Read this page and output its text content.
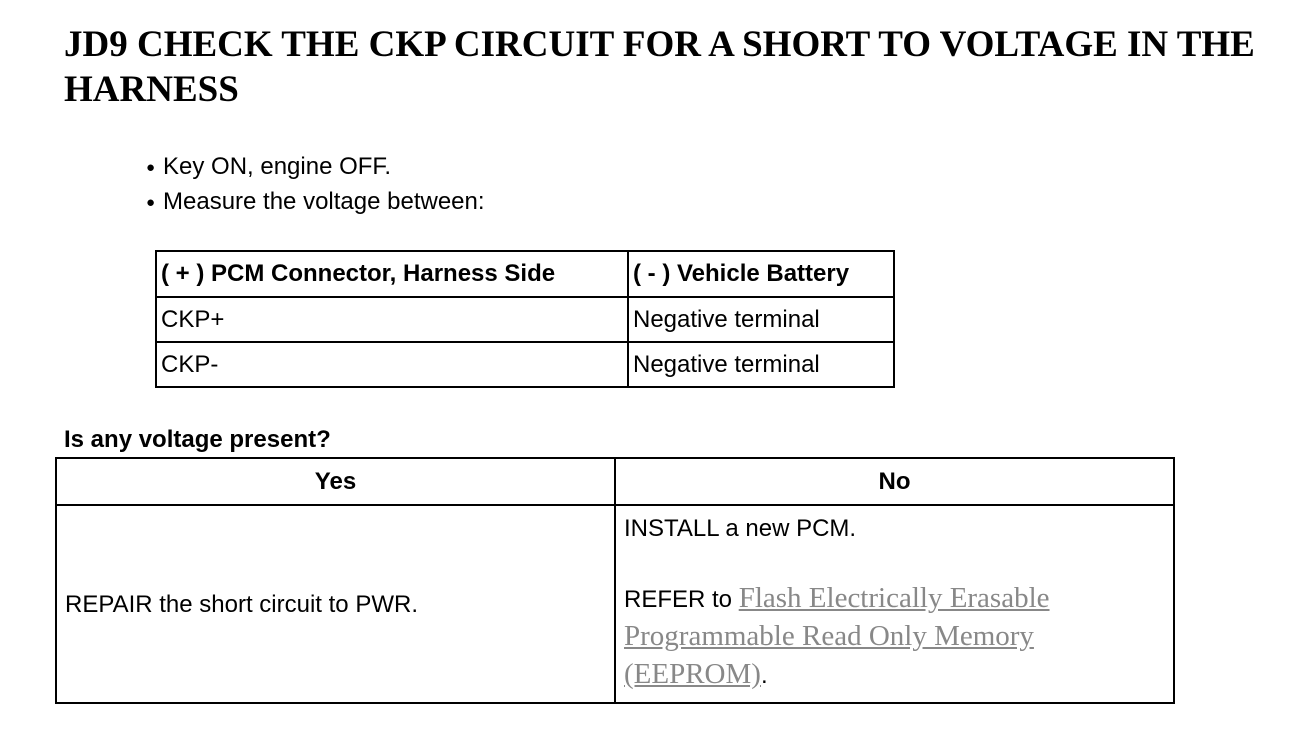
JD9 CHECK THE CKP CIRCUIT FOR A SHORT TO VOLTAGE IN THE HARNESS
● Key ON, engine OFF.
● Measure the voltage between:
( + ) PCM Connector, Harness Side	( - ) Vehicle Battery
CKP+	Negative terminal
CKP-	Negative terminal

Is any voltage present?

Yes	No
REPAIR the short circuit to PWR.	INSTALL a new PCM.

REFER to Flash Electrically Erasable Programmable Read Only Memory (EEPROM).
